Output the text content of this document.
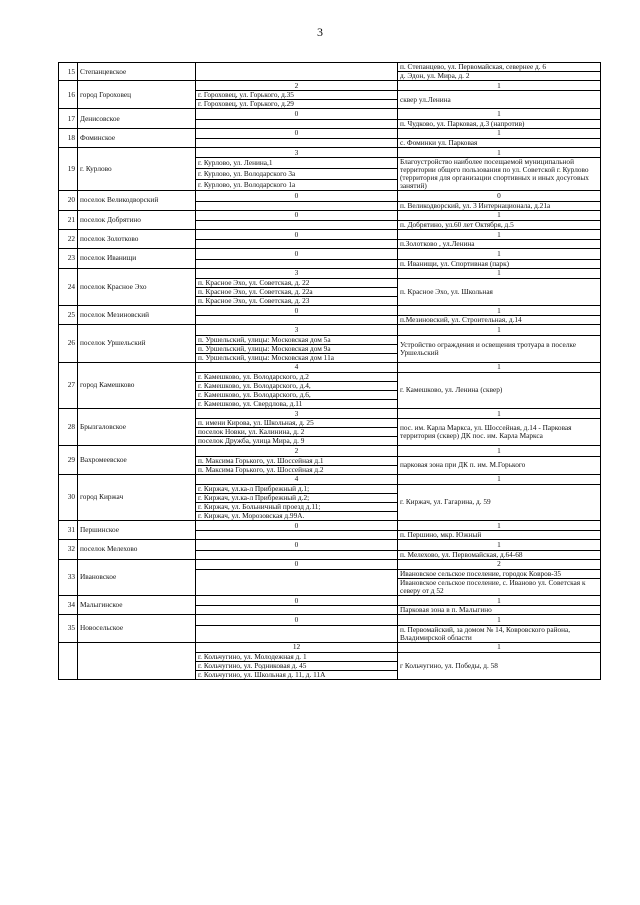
3
15	Степанцевское		п. Степанцево, ул. Первомайская, севернее д. 6
			д. Эдон, ул. Мира, д. 2
16	город Гороховец	2	1
		г. Гороховец, ул. Горького, д.35	сквер ул.Ленина
		г. Гороховец, ул. Горького, д.29	
17	Денисовское	0	1
			п. Чудково, ул. Парковая, д.3 (напротив)
18	Фоминское	0	1
			с. Фоминки ул. Парковая
19	г. Курлово	3	1
		г. Курлово, ул. Ленина,1	Благоустройство наиболее посещаемой муниципальной территории общего пользования по ул. Советской г. Курлово (территория для организации спортивных и иных досуговых занятий)
		г. Курлово, ул. Володарского 3а	
		г. Курлово, ул. Володарского 1а	
20	поселок Великодворский	0	0
			п. Великодворский, ул. 3 Интернационала, д.21а
21	поселок Добрятино	0	1
			п. Добрятино, ул.60 лет Октября, д.5
22	поселок Золотково	0	1
			п.Золотково , ул.Ленина
23	поселок Иванищи	0	1
			п. Иванищи, ул. Спортивная (парк)
24	поселок Красное Эхо	3	1
		п. Красное Эхо, ул. Советская, д. 22	п. Красное Эхо, ул. Школьная
		п. Красное Эхо, ул. Советская, д. 22а	
		п. Красное Эхо, ул. Советская, д. 23	
25	поселок Мезиновский	0	1
			п.Мезиновский, ул. Строительная, д.14
26	поселок Уршельский	3	1
		п. Уршельский, улицы: Московская дом 5а	Устройство ограждения и освещения тротуара в поселке Уршельский
		п. Уршельский, улицы: Московская дом 9а	
		п. Уршельский, улицы: Московская дом 11а	
27	город Камешково	4	1
		г. Камешково, ул. Володарского, д.2	г. Камешково, ул. Ленина (сквер)
		г. Камешково, ул. Володарского, д.4,	
		г. Камешково, ул. Володарского, д.6,	
		г. Камешково, ул. Свердлова, д.11	
28	Брызгаловское	3	1
		п. имени Кирова, ул. Школьная, д. 25	пос. им. Карла Маркса, ул. Шоссейная, д.14 - Парковая территория (сквер) ДК пос. им. Карла Маркса
		поселок Новки, ул. Калинина, д. 2	
		поселок Дружба, улица Мира, д. 9	
29	Вахромеевское	2	1
		п. Максима Горького, ул. Шоссейная д.1	парковая зона при ДК п. им. М.Горького
		п. Максима Горького, ул. Шоссейная д.2	
30	город Киржач	4	1
		г. Киржач, ул.ка-л Прибрежный д.1;	г. Киржач, ул. Гагарина, д. 59
		г. Киржач, ул.ка-л Прибрежный д.2;	
		г. Киржач, ул. Больничный проезд д.11;	
		г. Киржач, ул. Морозовская д.99А.	
31	Першинское	0	1
			п. Першино, мкр. Южный
32	поселок Мелехово	0	1
			п. Мелехово, ул. Первомайская, д.64-68
33	Ивановское	0	2
			Ивановское сельское поселение, городок Ковров-35
			Ивановское сельское поселение, с. Иваново ул. Советская к северу от д 52
34	Малыгинское	0	1
			Парковая зона в п. Малыгино
35	Новосельское	0	1
			п. Первомайский, за домом № 14, Ковровского района, Владимирской области
		12	1
		г. Кольчугино, ул. Молодежная д. 1	г Кольчугино, ул. Победы, д. 58
		г. Кольчугино, ул. Родниковая д. 45	
		г. Кольчугино, ул. Школьная д. 11, д. 11А	
